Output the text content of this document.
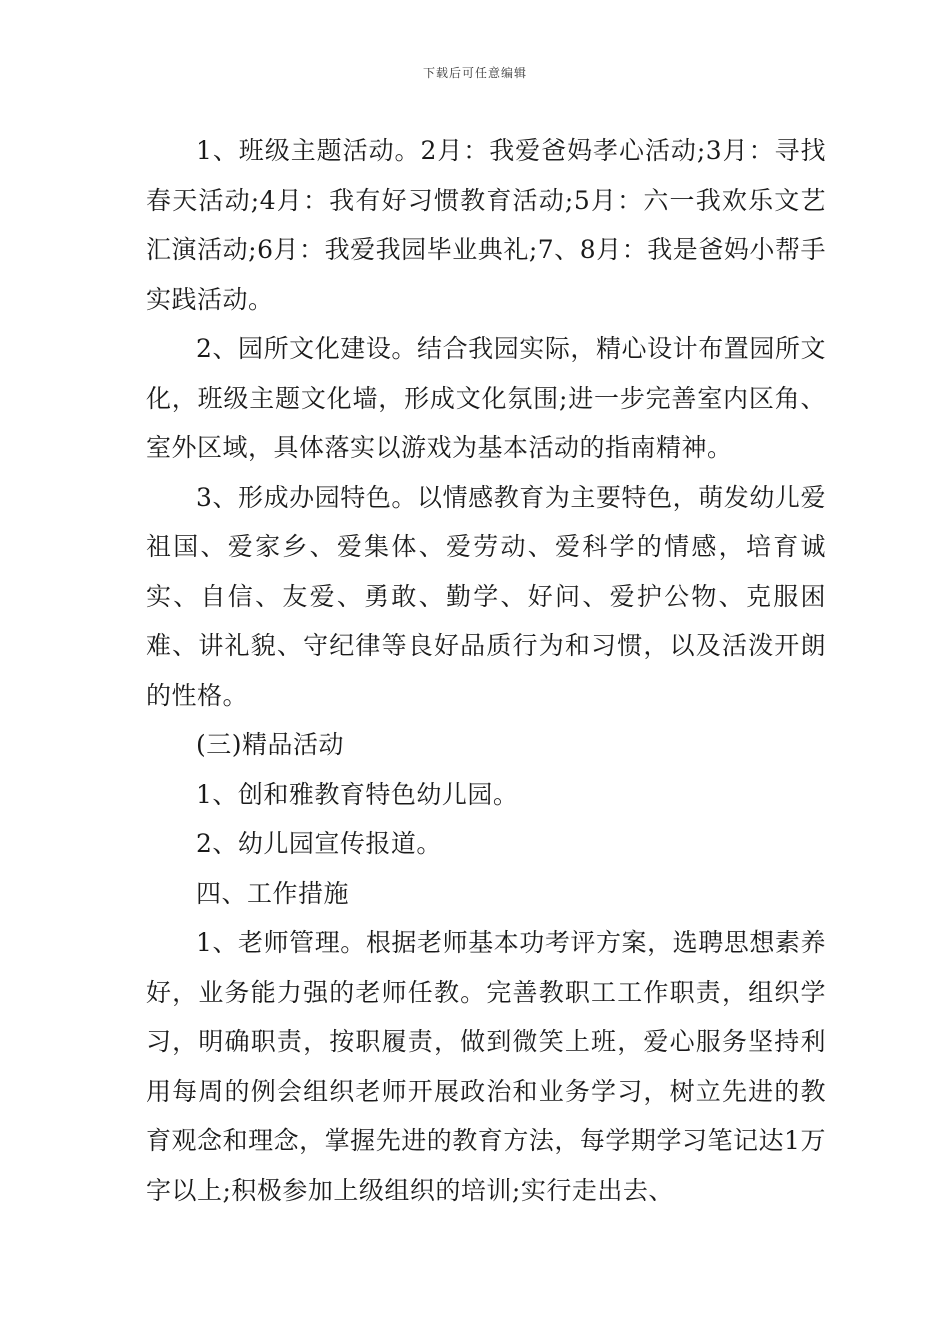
下载后可任意编辑

1、班级主题活动。2月：我爱爸妈孝心活动;3月：寻找春天活动;4月：我有好习惯教育活动;5月：六一我欢乐文艺汇演活动;6月：我爱我园毕业典礼;7、8月：我是爸妈小帮手实践活动。

2、园所文化建设。结合我园实际，精心设计布置园所文化，班级主题文化墙，形成文化氛围;进一步完善室内区角、室外区域，具体落实以游戏为基本活动的指南精神。

3、形成办园特色。以情感教育为主要特色，萌发幼儿爱祖国、爱家乡、爱集体、爱劳动、爱科学的情感，培育诚实、自信、友爱、勇敢、勤学、好问、爱护公物、克服困难、讲礼貌、守纪律等良好品质行为和习惯，以及活泼开朗的性格。

(三)精品活动

1、创和雅教育特色幼儿园。

2、幼儿园宣传报道。

四、工作措施

1、老师管理。根据老师基本功考评方案，选聘思想素养好，业务能力强的老师任教。完善教职工工作职责，组织学习，明确职责，按职履责，做到微笑上班，爱心服务坚持利用每周的例会组织老师开展政治和业务学习，树立先进的教育观念和理念，掌握先进的教育方法，每学期学习笔记达1万字以上;积极参加上级组织的培训;实行走出去、
